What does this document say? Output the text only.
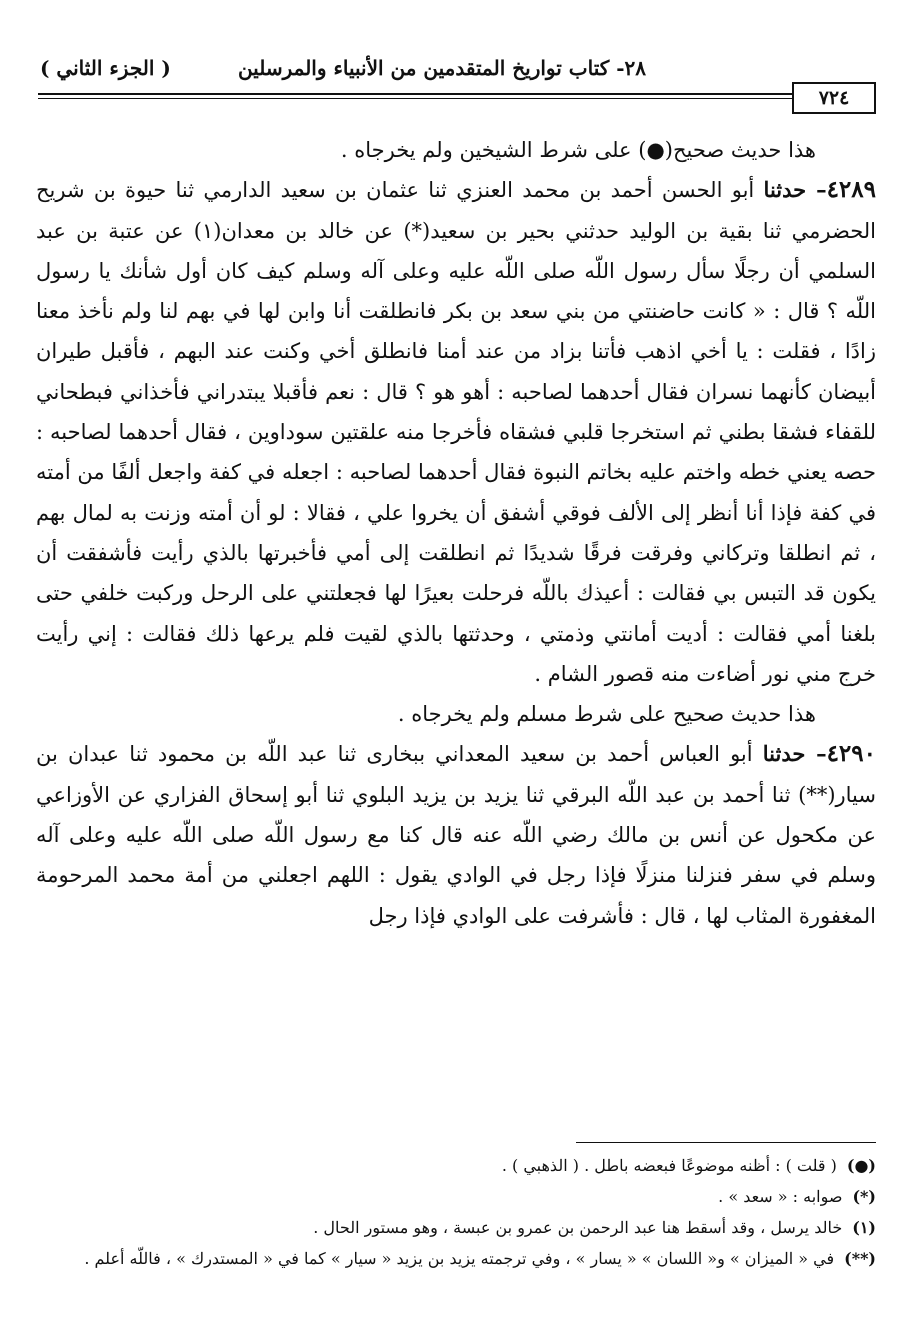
٢٨- كتاب تواريخ المتقدمين من الأنبياء والمرسلين
( الجزء الثاني )
٧٢٤

هذا حديث صحيح(●) على شرط الشيخين ولم يخرجاه .

٤٢٨٩– حدثنا أبو الحسن أحمد بن محمد العنزي ثنا عثمان بن سعيد الدارمي ثنا حيوة بن شريح الحضرمي ثنا بقية بن الوليد حدثني بحير بن سعيد(*) عن خالد بن معدان(١) عن عتبة بن عبد السلمي أن رجلًا سأل رسول اللّه صلى اللّه عليه وعلى آله وسلم كيف كان أول شأنك يا رسول اللّه ؟ قال : « كانت حاضنتي من بني سعد بن بكر فانطلقت أنا وابن لها في بهم لنا ولم نأخذ معنا زادًا ، فقلت : يا أخي اذهب فأتنا بزاد من عند أمنا فانطلق أخي وكنت عند البهم ، فأقبل طيران أبيضان كأنهما نسران فقال أحدهما لصاحبه : أهو هو ؟ قال : نعم فأقبلا يبتدراني فأخذاني فبطحاني للقفاء فشقا بطني ثم استخرجا قلبي فشقاه فأخرجا منه علقتين سوداوين ، فقال أحدهما لصاحبه : حصه يعني خطه واختم عليه بخاتم النبوة فقال أحدهما لصاحبه : اجعله في كفة واجعل ألفًا من أمته في كفة فإذا أنا أنظر إلى الألف فوقي أشفق أن يخروا علي ، فقالا : لو أن أمته وزنت به لمال بهم ، ثم انطلقا وتركاني وفرقت فرقًا شديدًا ثم انطلقت إلى أمي فأخبرتها بالذي رأيت فأشفقت أن يكون قد التبس بي فقالت : أعيذك باللّه فرحلت بعيرًا لها فجعلتني على الرحل وركبت خلفي حتى بلغنا أمي فقالت : أديت أمانتي وذمتي ، وحدثتها بالذي لقيت فلم يرعها ذلك فقالت : إني رأيت خرج مني نور أضاءت منه قصور الشام .

هذا حديث صحيح على شرط مسلم ولم يخرجاه .

٤٢٩٠– حدثنا أبو العباس أحمد بن سعيد المعداني ببخارى ثنا عبد اللّه بن محمود ثنا عبدان بن سيار(**) ثنا أحمد بن عبد اللّه البرقي ثنا يزيد بن يزيد البلوي ثنا أبو إسحاق الفزاري عن الأوزاعي عن مكحول عن أنس بن مالك رضي اللّه عنه قال كنا مع رسول اللّه صلى اللّه عليه وعلى آله وسلم في سفر فنزلنا منزلًا فإذا رجل في الوادي يقول : اللهم اجعلني من أمة محمد المرحومة المغفورة المثاب لها ، قال : فأشرفت على الوادي فإذا رجل

(●)( قلت ) : أظنه موضوعًا فبعضه باطل . ( الذهبي ) .

(*)صوابه : « سعد » .

(١)خالد يرسل ، وقد أسقط هنا عبد الرحمن بن عمرو بن عبسة ، وهو مستور الحال .

(**)في « الميزان » و« اللسان » « يسار » ، وفي ترجمته يزيد بن يزيد « سيار » كما في « المستدرك » ، فاللّه أعلم .
